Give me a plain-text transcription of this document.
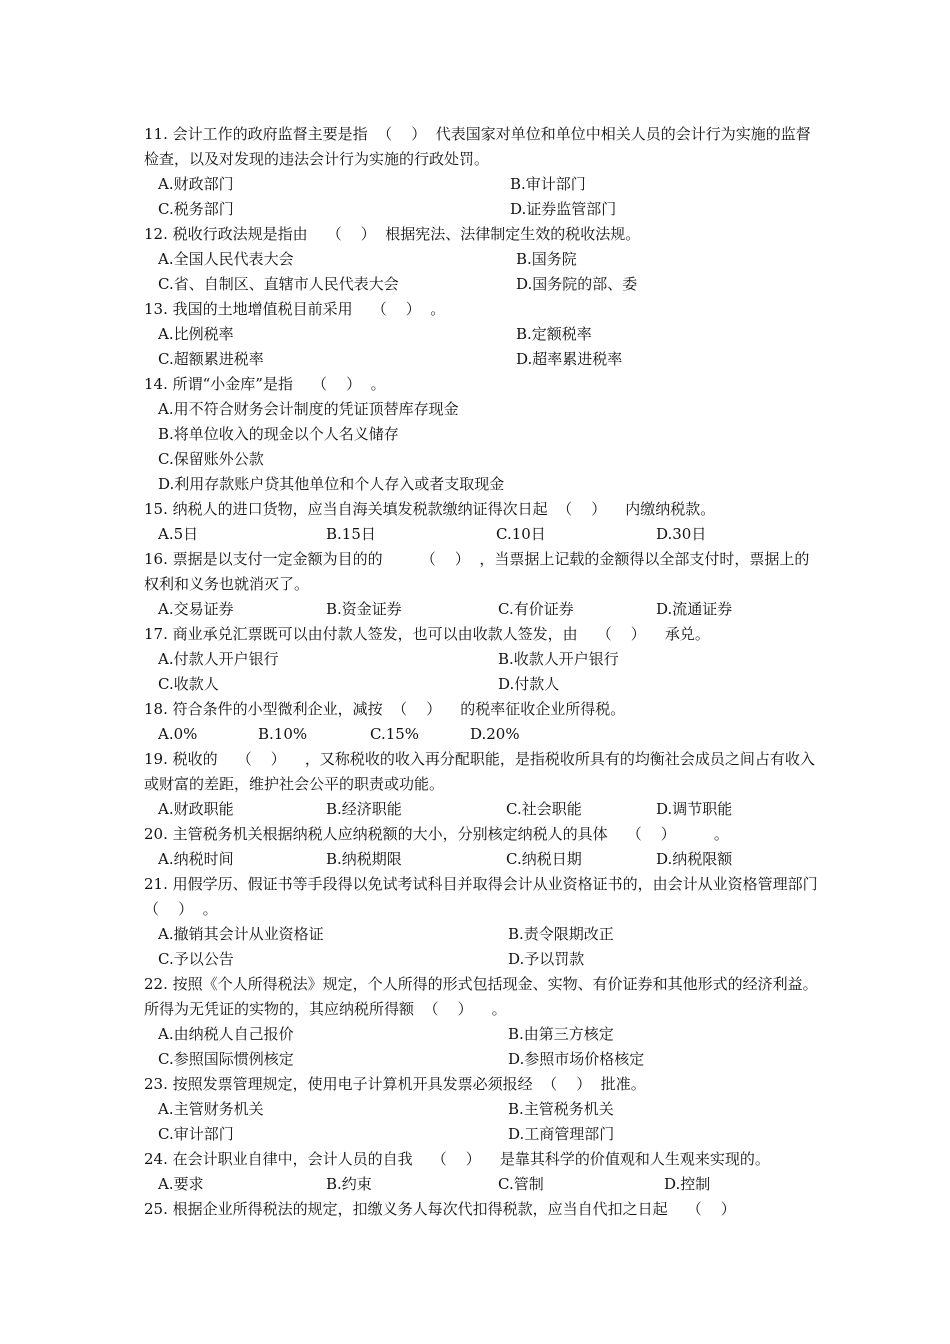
11. 会计工作的政府监督主要是指  （    ）  代表国家对单位和单位中相关人员的会计行为实施的监督检查，以及对发现的违法会计行为实施的行政处罚。

A.财政部门	B.审计部门
C.税务部门	D.证券监管部门

12. 税收行政法规是指由    （    ）  根据宪法、法律制定生效的税收法规。

A.全国人民代表大会	B.国务院
C.省、自制区、直辖市人民代表大会	D.国务院的部、委

13. 我国的土地增值税目前采用    （    ）  。

A.比例税率	B.定额税率
C.超额累进税率	D.超率累进税率

14. 所谓“小金库”是指    （    ）  。

A.用不符合财务会计制度的凭证顶替库存现金
B.将单位收入的现金以个人名义储存
C.保留账外公款
D.利用存款账户贷其他单位和个人存入或者支取现金

15. 纳税人的进口货物，应当自海关填发税款缴纳证得次日起  （    ）    内缴纳税款。

A.5日	B.15日	C.10日	D.30日

16. 票据是以支付一定金额为目的的        （    ）  ，当票据上记载的金额得以全部支付时，票据上的权利和义务也就消灭了。

A.交易证券	B.资金证券	C.有价证券	D.流通证券

17. 商业承兑汇票既可以由付款人签发，也可以由收款人签发，由    （    ）    承兑。

A.付款人开户银行	B.收款人开户银行
C.收款人	D.付款人

18. 符合条件的小型微利企业，减按  （    ）    的税率征收企业所得税。

A.0%	B.10%	C.15%	D.20%

19. 税收的    （    ）    ，又称税收的收入再分配职能，是指税收所具有的均衡社会成员之间占有收入或财富的差距，维护社会公平的职责或功能。

A.财政职能	B.经济职能	C.社会职能	D.调节职能

20. 主管税务机关根据纳税人应纳税额的大小，分别核定纳税人的具体    （    ）        。

A.纳税时间	B.纳税期限	C.纳税日期	D.纳税限额

21. 用假学历、假证书等手段得以免试考试科目并取得会计从业资格证书的，由会计从业资格管理部门    （    ）  。

A.撤销其会计从业资格证	B.责令限期改正
C.予以公告	D.予以罚款

22. 按照《个人所得税法》规定，个人所得的形式包括现金、实物、有价证券和其他形式的经济利益。所得为无凭证的实物的，其应纳税所得额  （    ）    。

A.由纳税人自己报价	B.由第三方核定
C.参照国际惯例核定	D.参照市场价格核定

23. 按照发票管理规定，使用电子计算机开具发票必须报经  （    ）  批准。

A.主管财务机关	B.主管税务机关
C.审计部门	D.工商管理部门

24. 在会计职业自律中，会计人员的自我    （    ）    是靠其科学的价值观和人生观来实现的。

A.要求	B.约束	C.管制	D.控制

25. 根据企业所得税法的规定，扣缴义务人每次代扣得税款，应当自代扣之日起    （    ）
